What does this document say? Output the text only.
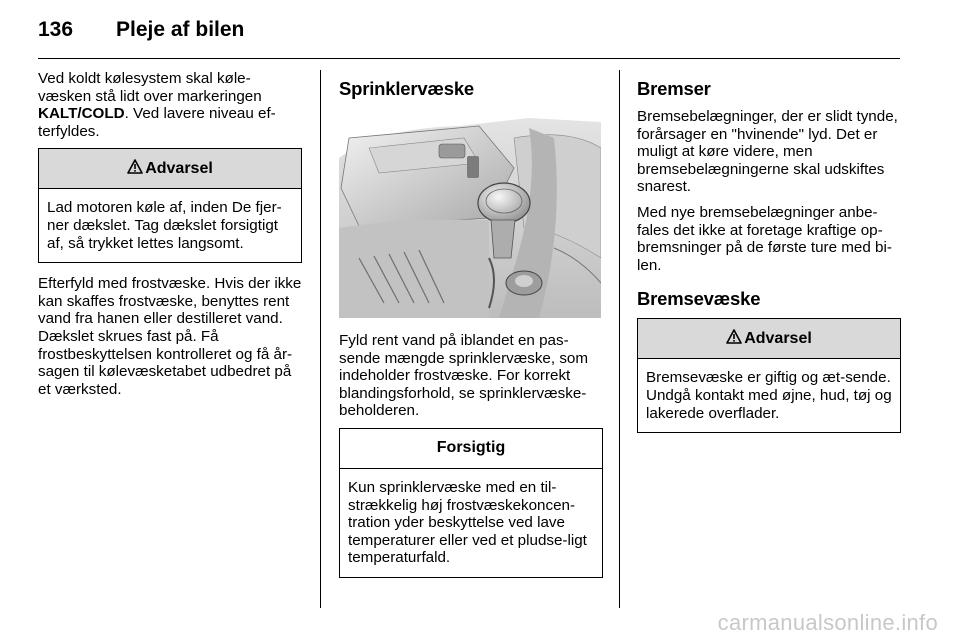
136	Pleje af bilen

Ved koldt kølesystem skal køle-væsken stå lidt over markeringen KALT/COLD. Ved lavere niveau ef-terfyldes.

Advarsel
Lad motoren køle af, inden De fjer-ner dækslet. Tag dækslet forsigtigt af, så trykket lettes langsomt.

Efterfyld med frostvæske. Hvis der ikke kan skaffes frostvæske, benyttes rent vand fra hanen eller destilleret vand. Dækslet skrues fast på. Få frostbeskyttelsen kontrolleret og få år-sagen til kølevæsketabet udbedret på et værksted.

Sprinklervæske

Fyld rent vand på iblandet en pas-sende mængde sprinklervæske, som indeholder frostvæske. For korrekt blandingsforhold, se sprinklervæske-beholderen.

Forsigtig
Kun sprinklervæske med en til-strækkelig høj frostvæskekoncen-tration yder beskyttelse ved lave temperaturer eller ved et pludse-ligt temperaturfald.
Bremser

Bremsebelægninger, der er slidt tynde, forårsager en "hvinende" lyd. Det er muligt at køre videre, men bremsebelægningerne skal udskiftes snarest.

Med nye bremsebelægninger anbe-fales det ikke at foretage kraftige op-bremsninger på de første ture med bi-len.

Bremsevæske
Advarsel
Bremsevæske er giftig og æt-sende. Undgå kontakt med øjne, hud, tøj og lakerede overflader.
carmanualsonline.info
